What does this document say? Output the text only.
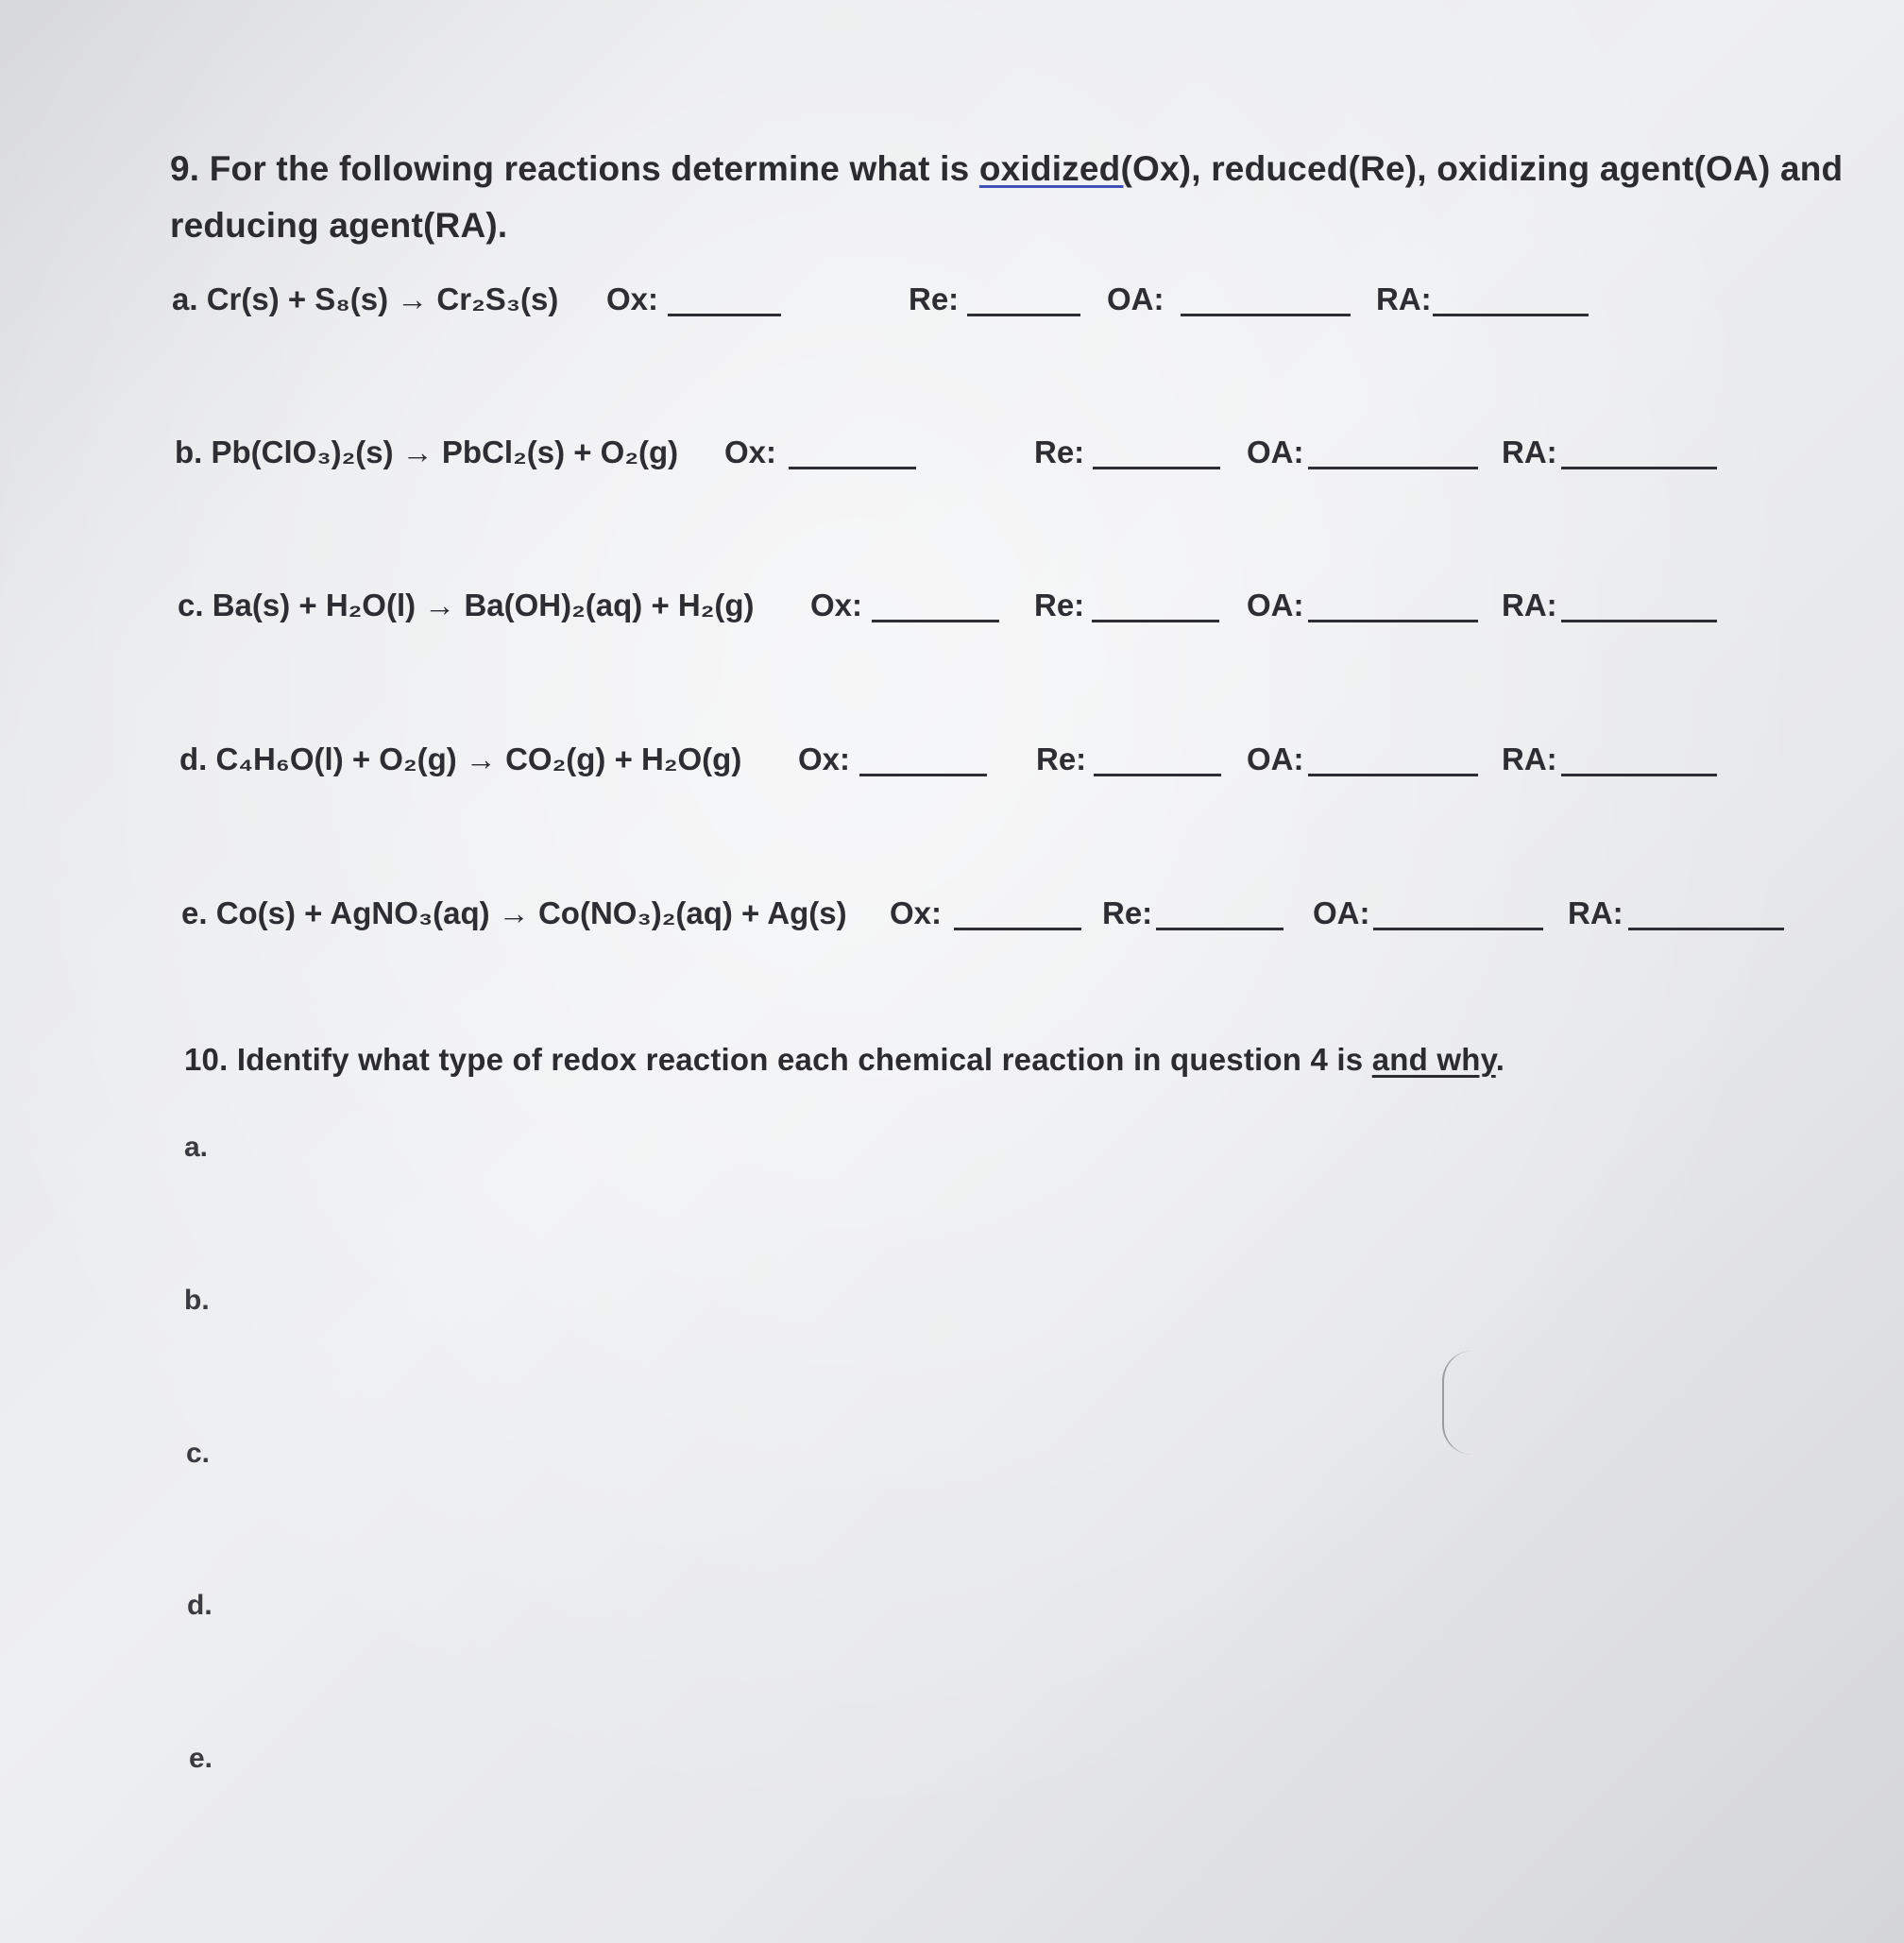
9. For the following reactions determine what is oxidized(Ox), reduced(Re), oxidizing agent(OA) and
reducing agent(RA).
a. Cr(s) + S₈(s) → Cr₂S₃(s) Ox:	Re:	OA:	RA:
b. Pb(ClO₃)₂(s) → PbCl₂(s) + O₂(g) Ox:	Re:	OA:	RA:
c. Ba(s) + H₂O(l) → Ba(OH)₂(aq) + H₂(g) Ox:	Re:	OA:	RA:
d. C₄H₆O(l) + O₂(g) → CO₂(g) + H₂O(g) Ox:	Re:	OA:	RA:
e. Co(s) + AgNO₃(aq) → Co(NO₃)₂(aq) + Ag(s) Ox:	Re:	OA:	RA:
10. Identify what type of redox reaction each chemical reaction in question 4 is and why.
a.
b.
c.
d.
e.
